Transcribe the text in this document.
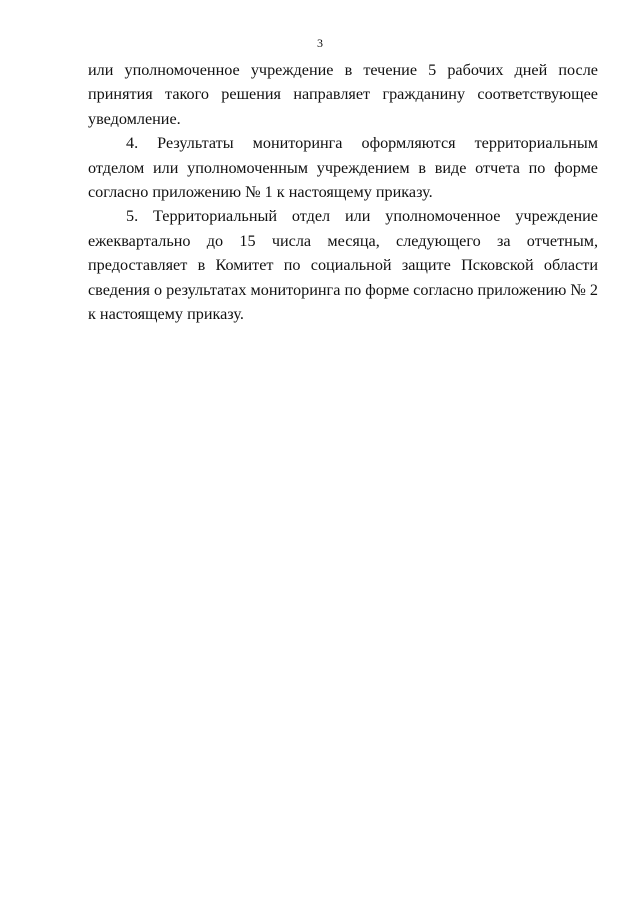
3
или уполномоченное учреждение в течение 5 рабочих дней после
принятия такого решения направляет гражданину соответствующее
уведомление.
4. Результаты мониторинга оформляются территориальным
отделом или уполномоченным учреждением в виде отчета по форме
согласно приложению № 1 к настоящему приказу.
5. Территориальный отдел или уполномоченное учреждение
ежеквартально до 15 числа месяца, следующего за отчетным,
предоставляет в Комитет по социальной защите Псковской области
сведения о результатах мониторинга по форме согласно приложению № 2
к настоящему приказу.
